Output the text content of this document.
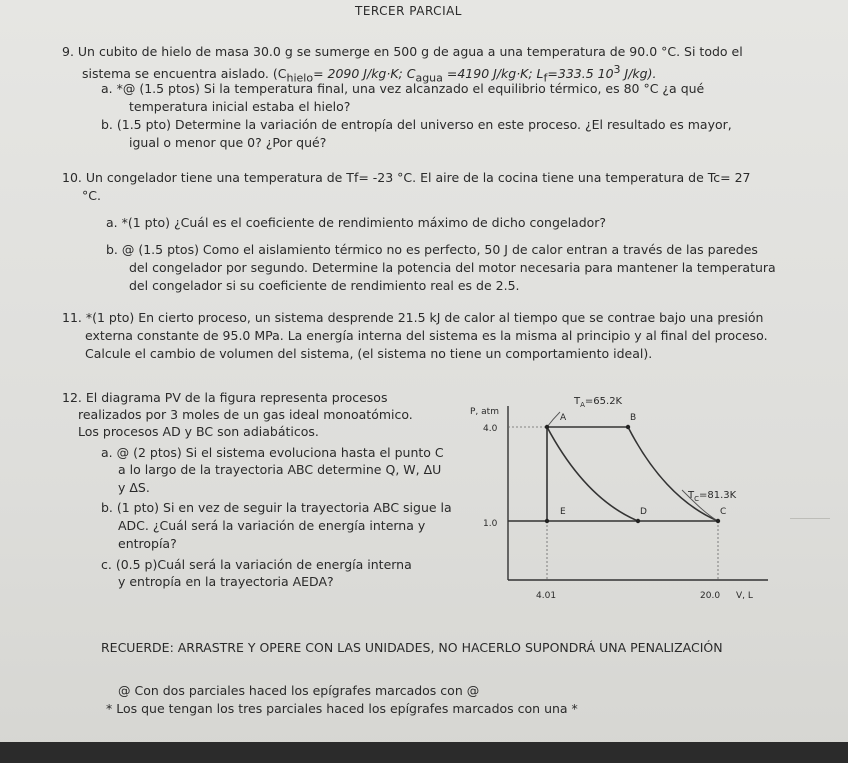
TERCER PARCIAL
9. Un cubito de hielo de masa 30.0 g se sumerge en 500 g de agua a una temperatura de 90.0 °C. Si todo el
sistema se encuentra aislado. ($C_{hielo}= 2090$ J/kg·K; $C_{agua} =4190$ J/kg·K; $L_f=333.5$ $10^3$ J/kg).
a. *@ (1.5 ptos) Si la temperatura final, una vez alcanzado el equilibrio térmico, es 80 °C ¿a qué
temperatura inicial estaba el hielo?
b. (1.5 pto) Determine la variación de entropía del universo en este proceso. ¿El resultado es mayor,
igual o menor que 0? ¿Por qué?
10. Un congelador tiene una temperatura de Tf= -23 °C. El aire de la cocina tiene una temperatura de Tc= 27
°C.
a. *(1 pto) ¿Cuál es el coeficiente de rendimiento máximo de dicho congelador?
b. @ (1.5 ptos) Como el aislamiento térmico no es perfecto, 50 J de calor entran a través de las paredes
del congelador por segundo. Determine la potencia del motor necesaria para mantener la temperatura
del congelador si su coeficiente de rendimiento real es de 2.5.
11. *(1 pto) En cierto proceso, un sistema desprende 21.5 kJ de calor al tiempo que se contrae bajo una presión
externa constante de 95.0 MPa. La energía interna del sistema es la misma al principio y al final del proceso.
Calcule el cambio de volumen del sistema, (el sistema no tiene un comportamiento ideal).
12. El diagrama PV de la figura representa procesos
realizados por 3 moles de un gas ideal monoatómico.
Los procesos AD y BC son adiabáticos.
a. @ (2 ptos) Si el sistema evoluciona hasta el punto C
a lo largo de la trayectoria ABC determine Q, W, ΔU
y ΔS.
b. (1 pto) Si en vez de seguir la trayectoria ABC sigue la
ADC. ¿Cuál será la variación de energía interna y
entropía?
c. (0.5 p)Cuál será la variación de energía interna
y entropía en la trayectoria AEDA?
P, atm
4.0
1.0
4.01	20.0 V, L
$T_A=65.2K$
$T_C=81.3K$
A	B
E	D	C
RECUERDE: ARRASTRE Y OPERE CON LAS UNIDADES, NO HACERLO SUPONDRÁ UNA PENALIZACIÓN
@ Con dos parciales haced los epígrafes marcados con @
* Los que tengan los tres parciales haced los epígrafes marcados con una *
